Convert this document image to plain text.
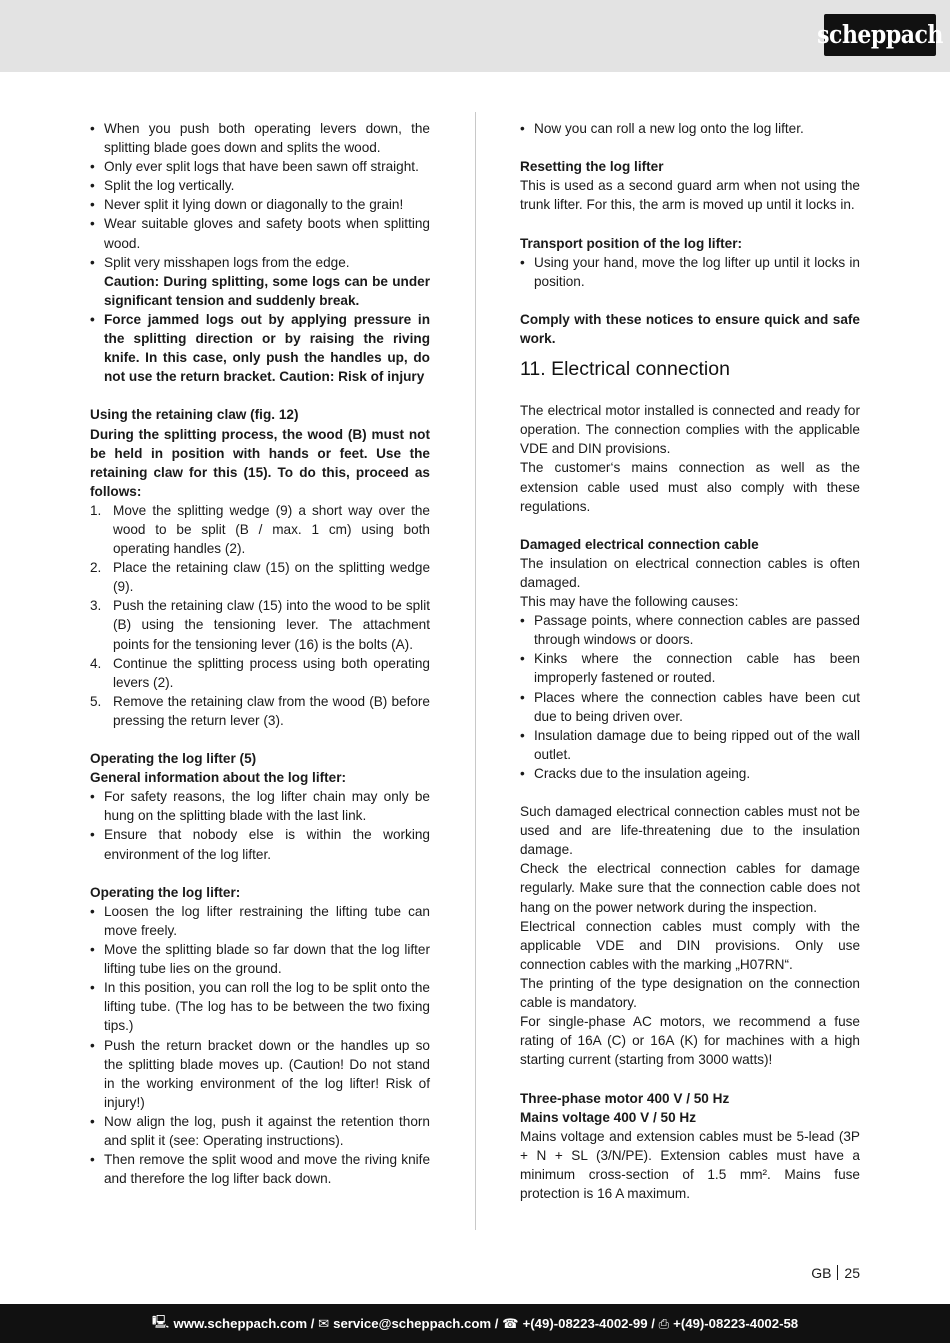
scheppach
• When you push both operating levers down, the splitting blade goes down and splits the wood.
• Only ever split logs that have been sawn off straight.
• Split the log vertically.
• Never split it lying down or diagonally to the grain!
• Wear suitable gloves and safety boots when splitting wood.
• Split very misshapen logs from the edge.

Caution: During splitting, some logs can be under significant tension and suddenly break.

• Force jammed logs out by applying pressure in the splitting direction or by raising the riving knife. In this case, only push the handles up, do not use the return bracket. Caution: Risk of injury

Using the retaining claw (fig. 12)

During the splitting process, the wood (B) must not be held in position with hands or feet. Use the retaining claw for this (15). To do this, proceed as follows:

1. Move the splitting wedge (9) a short way over the wood to be split (B / max. 1 cm) using both operating handles (2).
2. Place the retaining claw (15) on the splitting wedge (9).
3. Push the retaining claw (15) into the wood to be split (B) using the tensioning lever. The attachment points for the tensioning lever (16) is the bolts (A).
4. Continue the splitting process using both operating levers (2).
5. Remove the retaining claw from the wood (B) before pressing the return lever (3).

Operating the log lifter (5)

General information about the log lifter:

• For safety reasons, the log lifter chain may only be hung on the splitting blade with the last link.
• Ensure that nobody else is within the working environment of the log lifter.

Operating the log lifter:

• Loosen the log lifter restraining the lifting tube can move freely.
• Move the splitting blade so far down that the log lifter lifting tube lies on the ground.
• In this position, you can roll the log to be split onto the lifting tube. (The log has to be between the two fixing tips.)
• Push the return bracket down or the handles up so the splitting blade moves up. (Caution! Do not stand in the working environment of the log lifter! Risk of injury!)
• Now align the log, push it against the retention thorn and split it (see: Operating instructions).
• Then remove the split wood and move the riving knife and therefore the log lifter back down.
• Now you can roll a new log onto the log lifter.

Resetting the log lifter

This is used as a second guard arm when not using the trunk lifter. For this, the arm is moved up until it locks in.

Transport position of the log lifter:

• Using your hand, move the log lifter up until it locks in position.

Comply with these notices to ensure quick and safe work.

11. Electrical connection

The electrical motor installed is connected and ready for operation. The connection complies with the applicable VDE and DIN provisions.

The customer‘s mains connection as well as the extension cable used must also comply with these regulations.

Damaged electrical connection cable

The insulation on electrical connection cables is often damaged.

This may have the following causes:

• Passage points, where connection cables are passed through windows or doors.
• Kinks where the connection cable has been improperly fastened or routed.
• Places where the connection cables have been cut due to being driven over.
• Insulation damage due to being ripped out of the wall outlet.
• Cracks due to the insulation ageing.

Such damaged electrical connection cables must not be used and are life-threatening due to the insulation damage.

Check the electrical connection cables for damage regularly. Make sure that the connection cable does not hang on the power network during the inspection.

Electrical connection cables must comply with the applicable VDE and DIN provisions. Only use connection cables with the marking „H07RN“.

The printing of the type designation on the connection cable is mandatory.

For single-phase AC motors, we recommend a fuse rating of 16A (C) or 16A (K) for machines with a high starting current (starting from 3000 watts)!

Three-phase motor 400 V / 50 Hz

Mains voltage 400 V / 50 Hz

Mains voltage and extension cables must be 5-lead (3P + N + SL (3/N/PE). Extension cables must have a minimum cross-section of 1.5 mm². Mains fuse protection is 16 A maximum.

GB 25
🖳 www.scheppach.com /
✉ service@scheppach.com /
☎ +(49)-08223-4002-99 /
⎙ +(49)-08223-4002-58
